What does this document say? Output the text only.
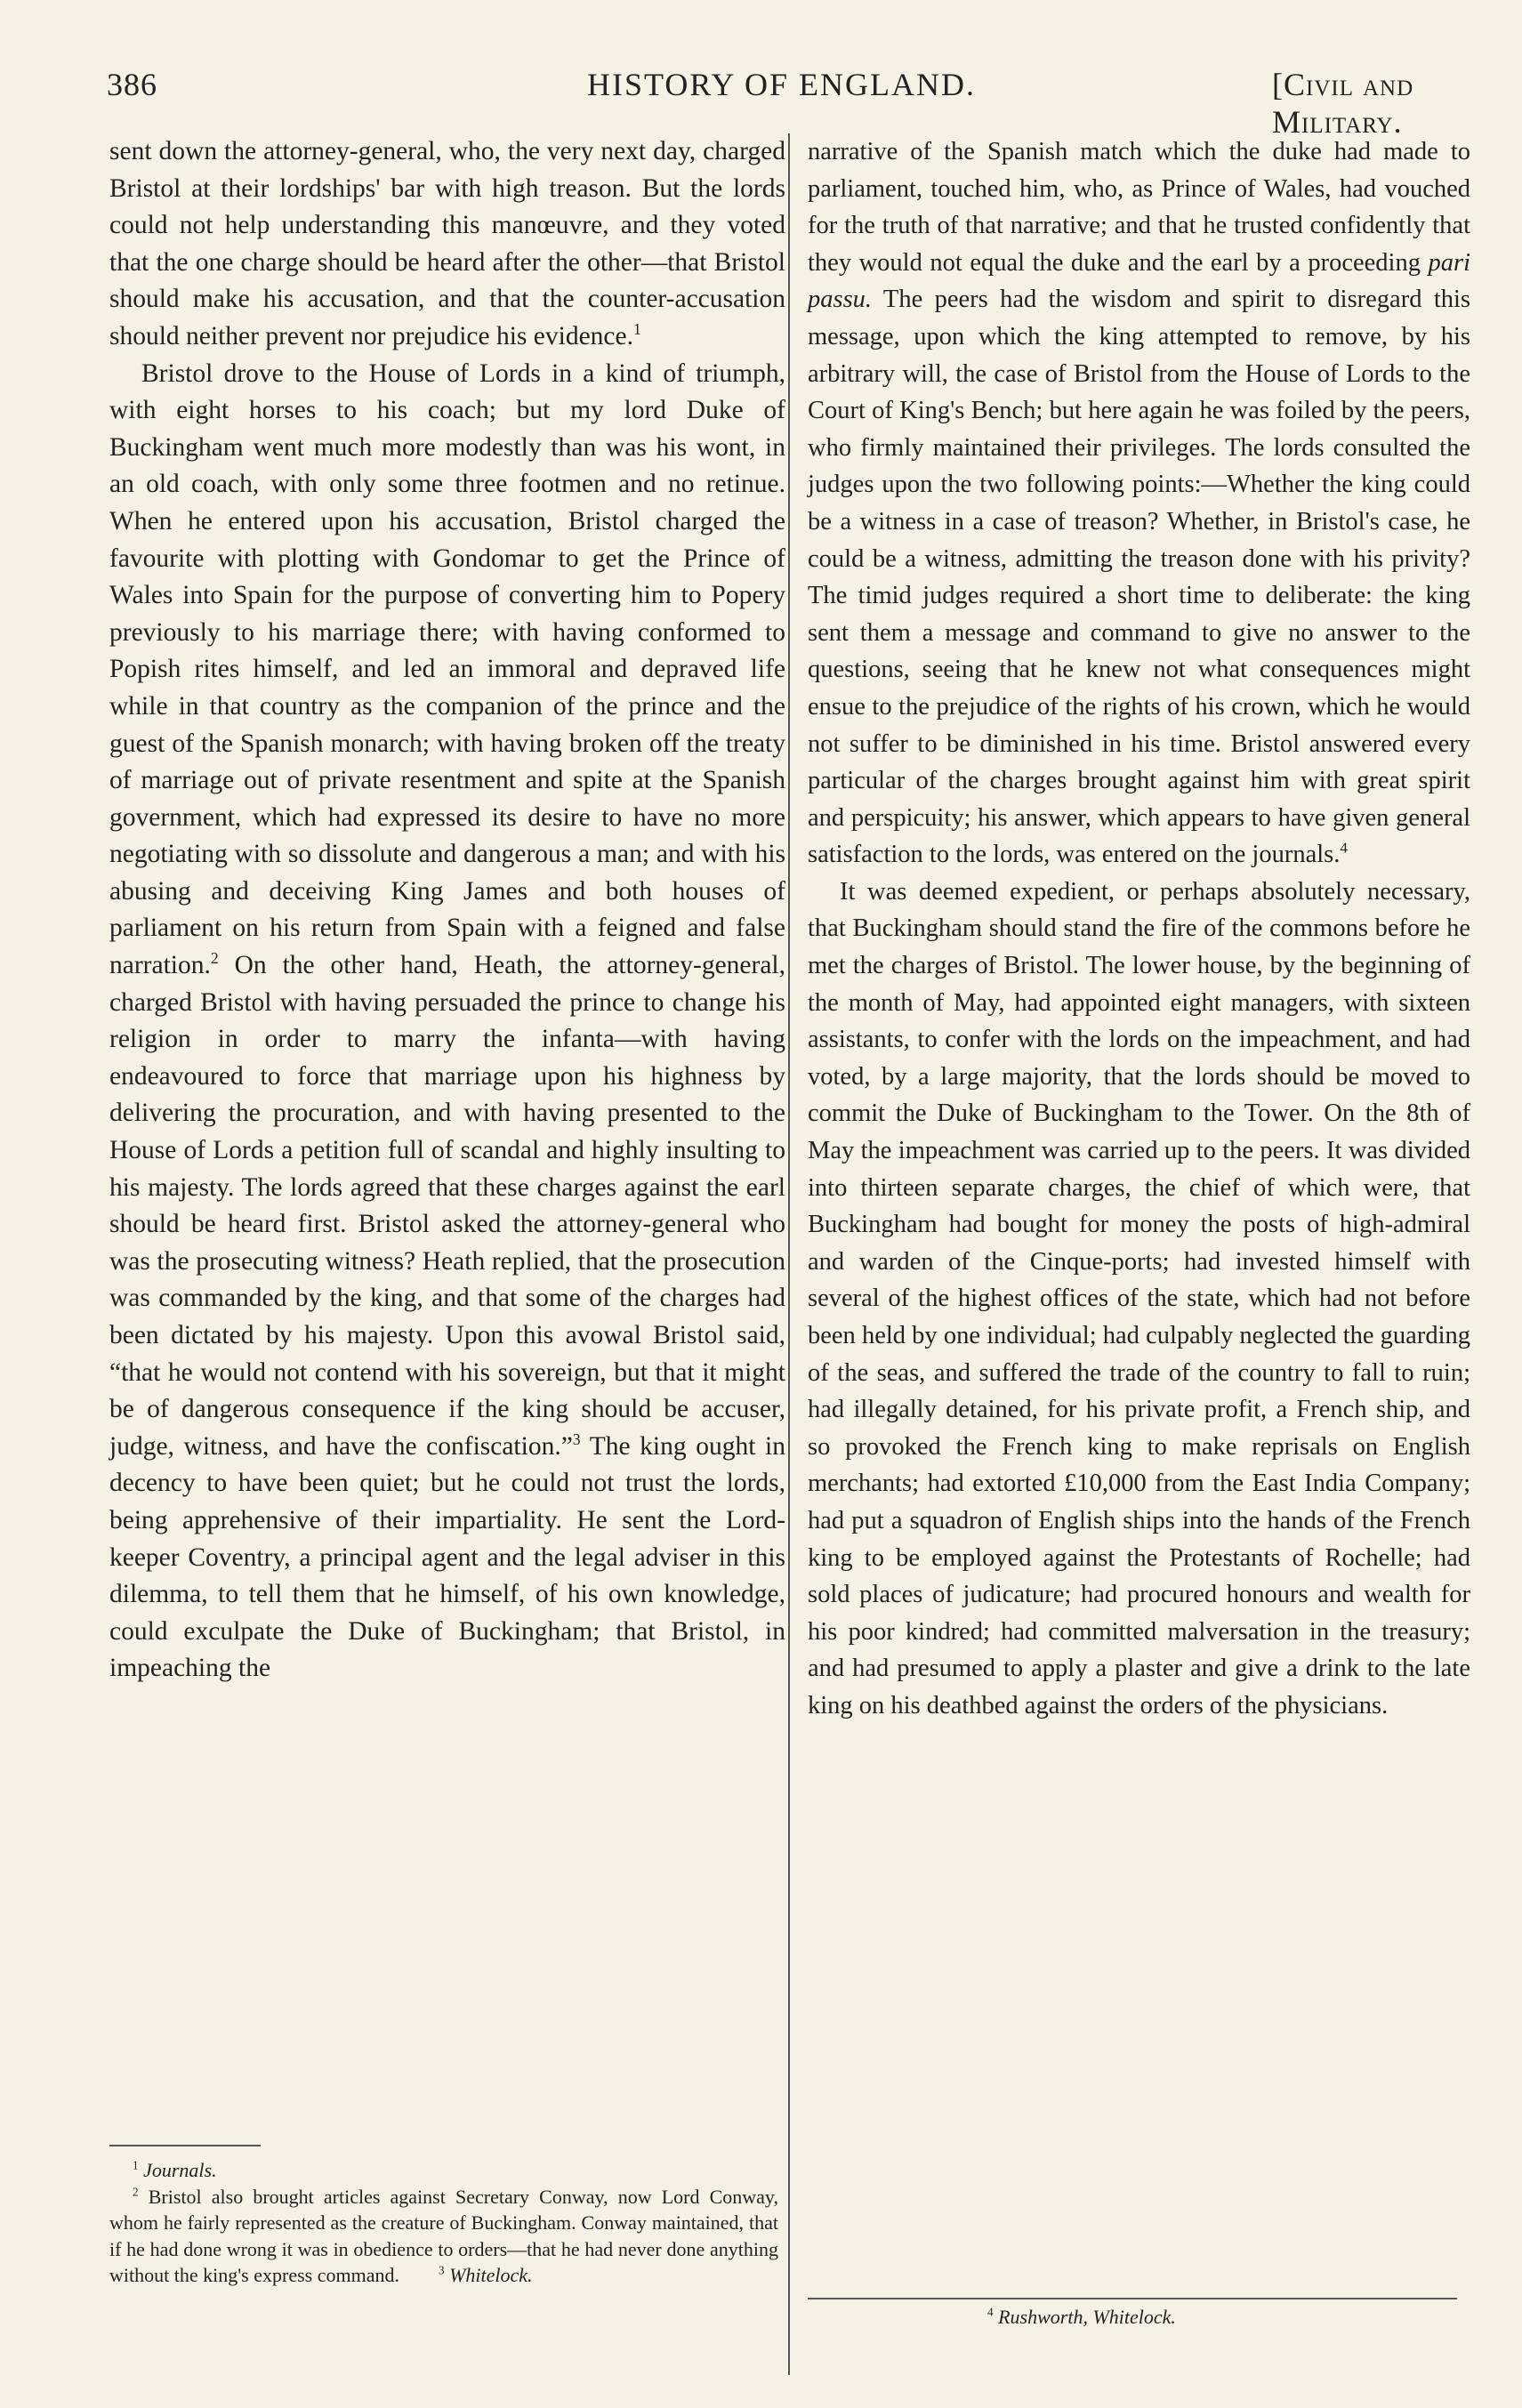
386	HISTORY OF ENGLAND.	[Civil and Military.

sent down the attorney-general, who, the very next day, charged Bristol at their lordships' bar with high treason. But the lords could not help understanding this manœuvre, and they voted that the one charge should be heard after the other—that Bristol should make his accusation, and that the counter-accusation should neither prevent nor prejudice his evidence.$^1$

Bristol drove to the House of Lords in a kind of triumph, with eight horses to his coach; but my lord Duke of Buckingham went much more modestly than was his wont, in an old coach, with only some three footmen and no retinue. When he entered upon his accusation, Bristol charged the favourite with plotting with Gondomar to get the Prince of Wales into Spain for the purpose of converting him to Popery previously to his marriage there; with having conformed to Popish rites himself, and led an immoral and depraved life while in that country as the companion of the prince and the guest of the Spanish monarch; with having broken off the treaty of marriage out of private resentment and spite at the Spanish government, which had expressed its desire to have no more negotiating with so dissolute and dangerous a man; and with his abusing and deceiving King James and both houses of parliament on his return from Spain with a feigned and false narration.$^2$ On the other hand, Heath, the attorney-general, charged Bristol with having persuaded the prince to change his religion in order to marry the infanta—with having endeavoured to force that marriage upon his highness by delivering the procuration, and with having presented to the House of Lords a petition full of scandal and highly insulting to his majesty. The lords agreed that these charges against the earl should be heard first. Bristol asked the attorney-general who was the prosecuting witness? Heath replied, that the prosecution was commanded by the king, and that some of the charges had been dictated by his majesty. Upon this avowal Bristol said, “that he would not contend with his sovereign, but that it might be of dangerous consequence if the king should be accuser, judge, witness, and have the confiscation.”$^3$ The king ought in decency to have been quiet; but he could not trust the lords, being apprehensive of their impartiality. He sent the Lord-keeper Coventry, a principal agent and the legal adviser in this dilemma, to tell them that he himself, of his own knowledge, could exculpate the Duke of Buckingham; that Bristol, in impeaching the

narrative of the Spanish match which the duke had made to parliament, touched him, who, as Prince of Wales, had vouched for the truth of that narrative; and that he trusted confidently that they would not equal the duke and the earl by a proceeding pari passu. The peers had the wisdom and spirit to disregard this message, upon which the king attempted to remove, by his arbitrary will, the case of Bristol from the House of Lords to the Court of King's Bench; but here again he was foiled by the peers, who firmly maintained their privileges. The lords consulted the judges upon the two following points:—Whether the king could be a witness in a case of treason? Whether, in Bristol's case, he could be a witness, admitting the treason done with his privity? The timid judges required a short time to deliberate: the king sent them a message and command to give no answer to the questions, seeing that he knew not what consequences might ensue to the prejudice of the rights of his crown, which he would not suffer to be diminished in his time. Bristol answered every particular of the charges brought against him with great spirit and perspicuity; his answer, which appears to have given general satisfaction to the lords, was entered on the journals.$^4$

It was deemed expedient, or perhaps absolutely necessary, that Buckingham should stand the fire of the commons before he met the charges of Bristol. The lower house, by the beginning of the month of May, had appointed eight managers, with sixteen assistants, to confer with the lords on the impeachment, and had voted, by a large majority, that the lords should be moved to commit the Duke of Buckingham to the Tower. On the 8th of May the impeachment was carried up to the peers. It was divided into thirteen separate charges, the chief of which were, that Buckingham had bought for money the posts of high-admiral and warden of the Cinque-ports; had invested himself with several of the highest offices of the state, which had not before been held by one individual; had culpably neglected the guarding of the seas, and suffered the trade of the country to fall to ruin; had illegally detained, for his private profit, a French ship, and so provoked the French king to make reprisals on English merchants; had extorted £10,000 from the East India Company; had put a squadron of English ships into the hands of the French king to be employed against the Protestants of Rochelle; had sold places of judicature; had procured honours and wealth for his poor kindred; had committed malversation in the treasury; and had presumed to apply a plaster and give a drink to the late king on his deathbed against the orders of the physicians.

$^1$ Journals.

$^2$ Bristol also brought articles against Secretary Conway, now Lord Conway, whom he fairly represented as the creature of Buckingham. Conway maintained, that if he had done wrong it was in obedience to orders—that he had never done anything without the king's express command.	$^3$ Whitelock.

$^4$ Rushworth, Whitelock.
